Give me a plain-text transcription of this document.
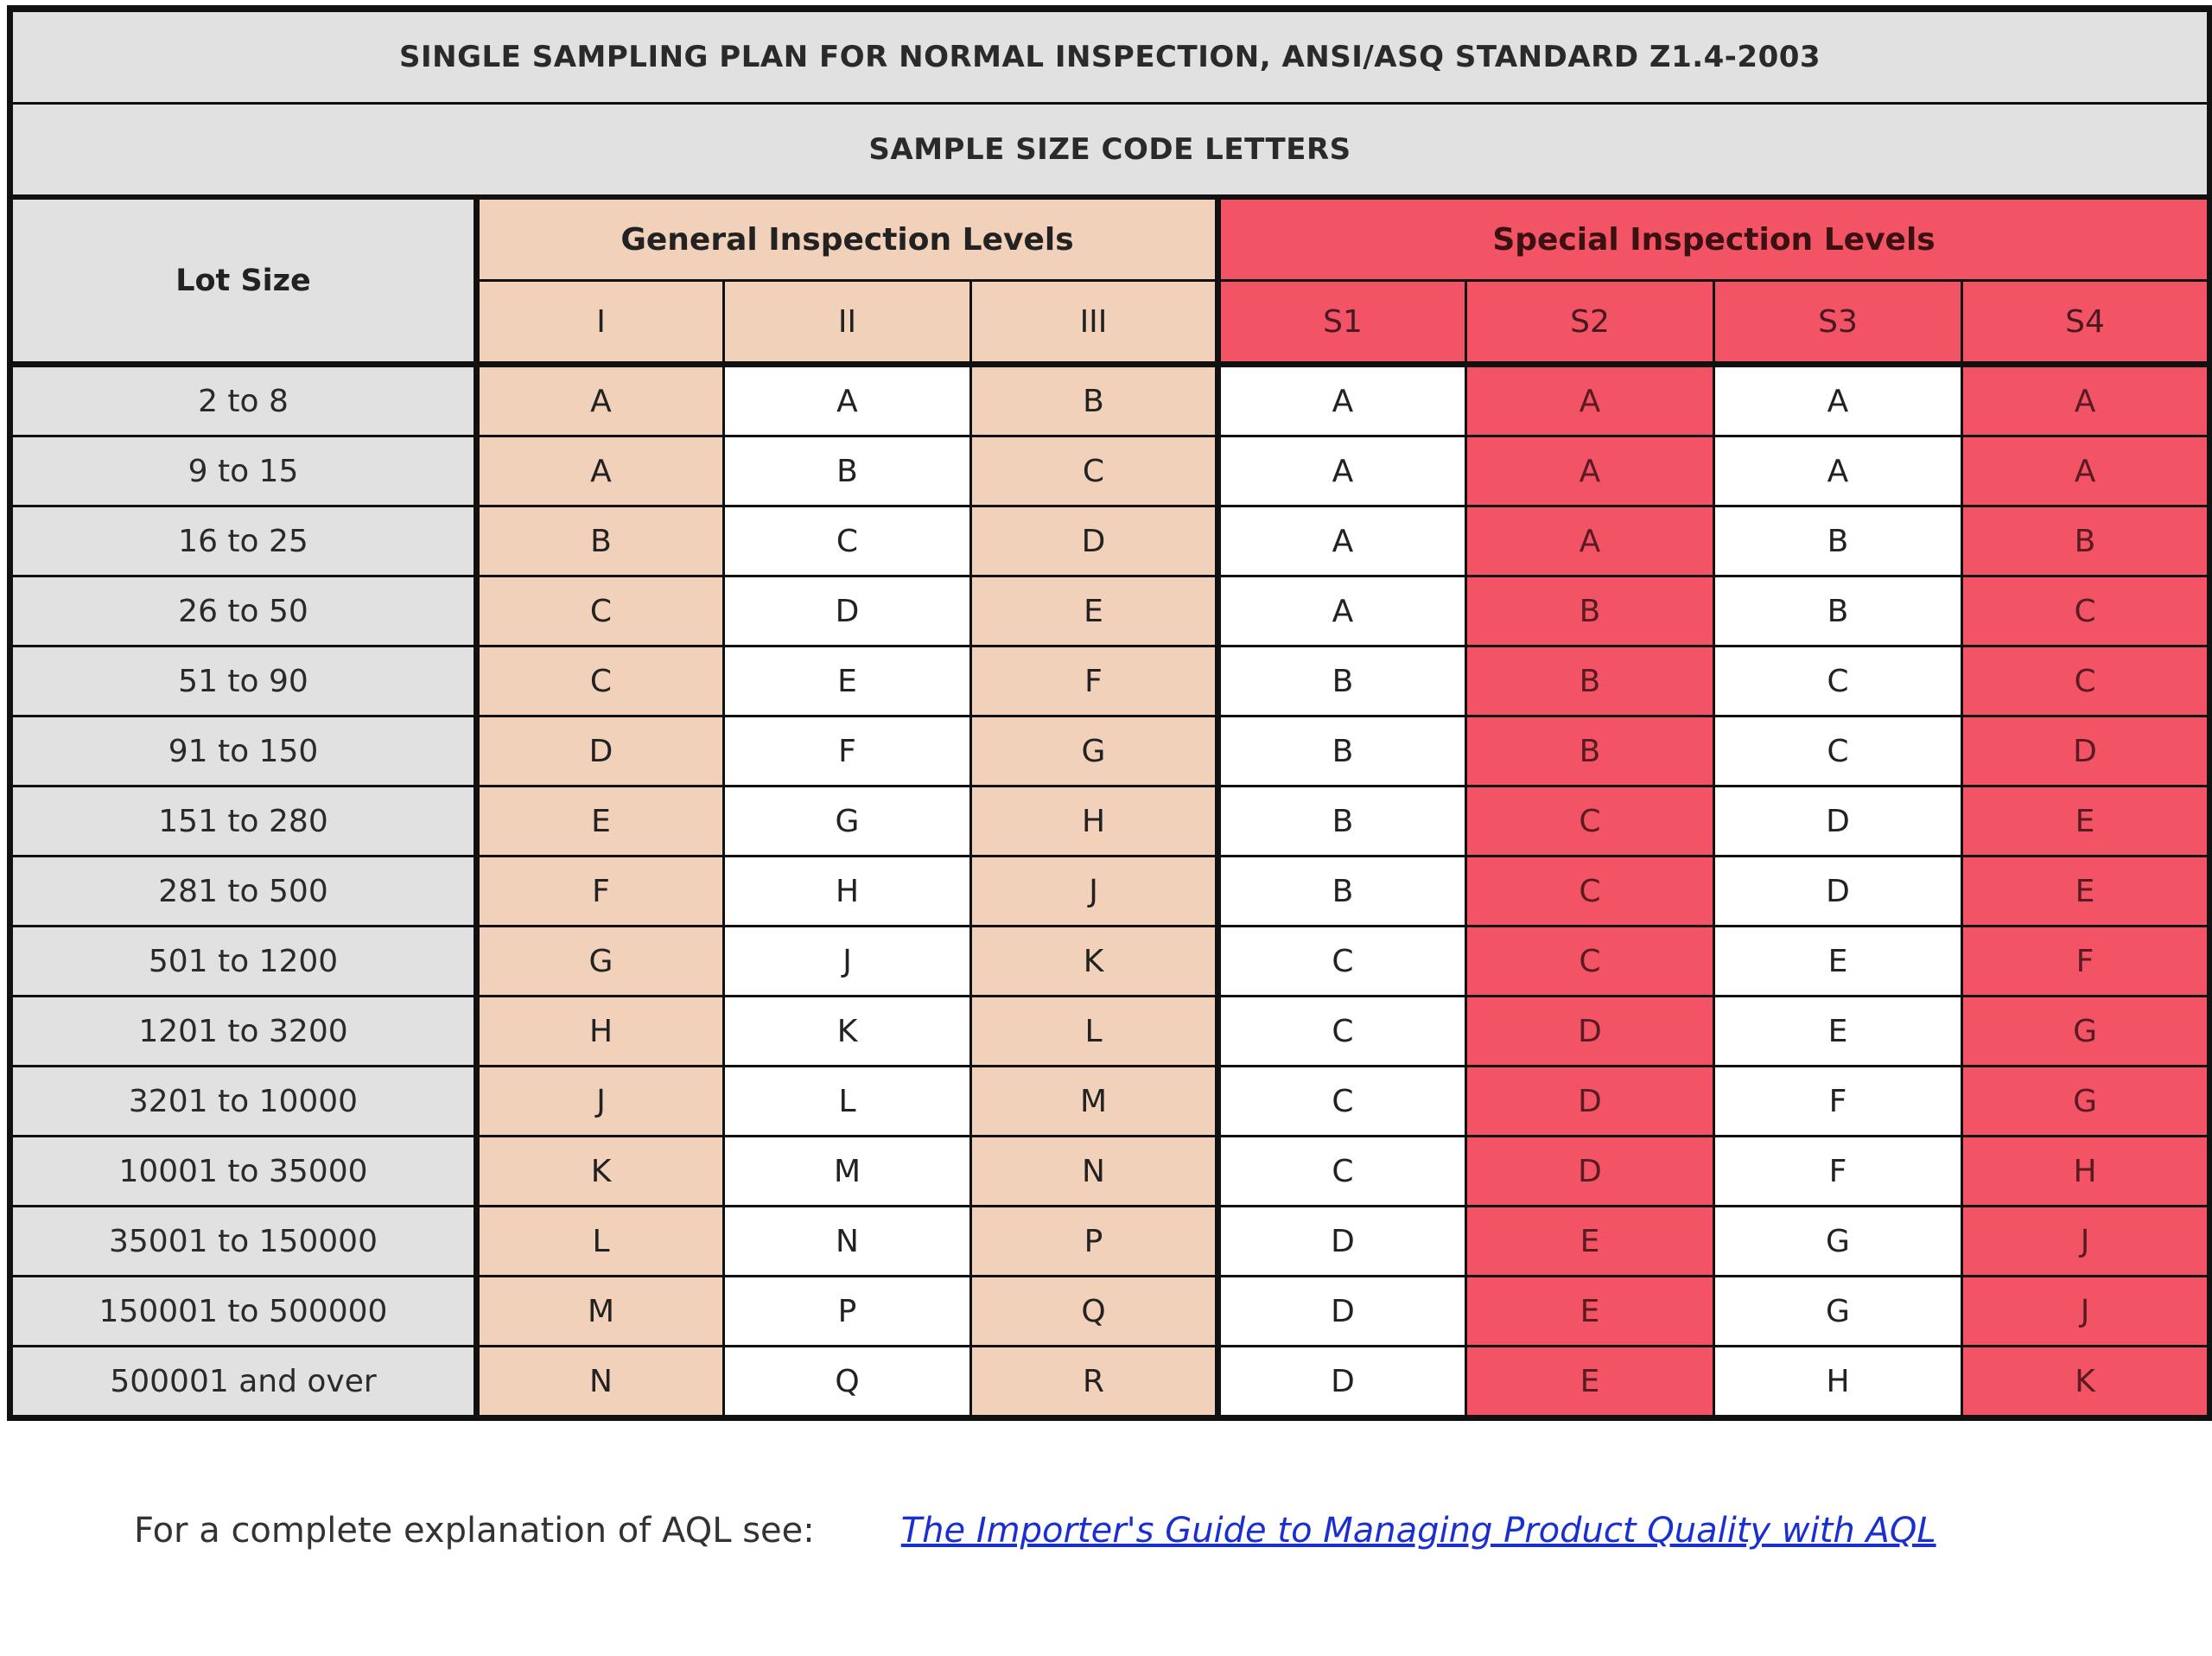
SINGLE SAMPLING PLAN FOR NORMAL INSPECTION, ANSI/ASQ STANDARD Z1.4-2003							
SAMPLE SIZE CODE LETTERS							
Lot Size	General Inspection Levels			Special Inspection Levels			
	I	II	III	S1	S2	S3	S4
2 to 8	A	A	B	A	A	A	A
9 to 15	A	B	C	A	A	A	A
16 to 25	B	C	D	A	A	B	B
26 to 50	C	D	E	A	B	B	C
51 to 90	C	E	F	B	B	C	C
91 to 150	D	F	G	B	B	C	D
151 to 280	E	G	H	B	C	D	E
281 to 500	F	H	J	B	C	D	E
501 to 1200	G	J	K	C	C	E	F
1201 to 3200	H	K	L	C	D	E	G
3201 to 10000	J	L	M	C	D	F	G
10001 to 35000	K	M	N	C	D	F	H
35001 to 150000	L	N	P	D	E	G	J
150001 to 500000	M	P	Q	D	E	G	J
500001 and over	N	Q	R	D	E	H	K
For a complete explanation of AQL see:	The Importer's Guide to Managing Product Quality with AQL
